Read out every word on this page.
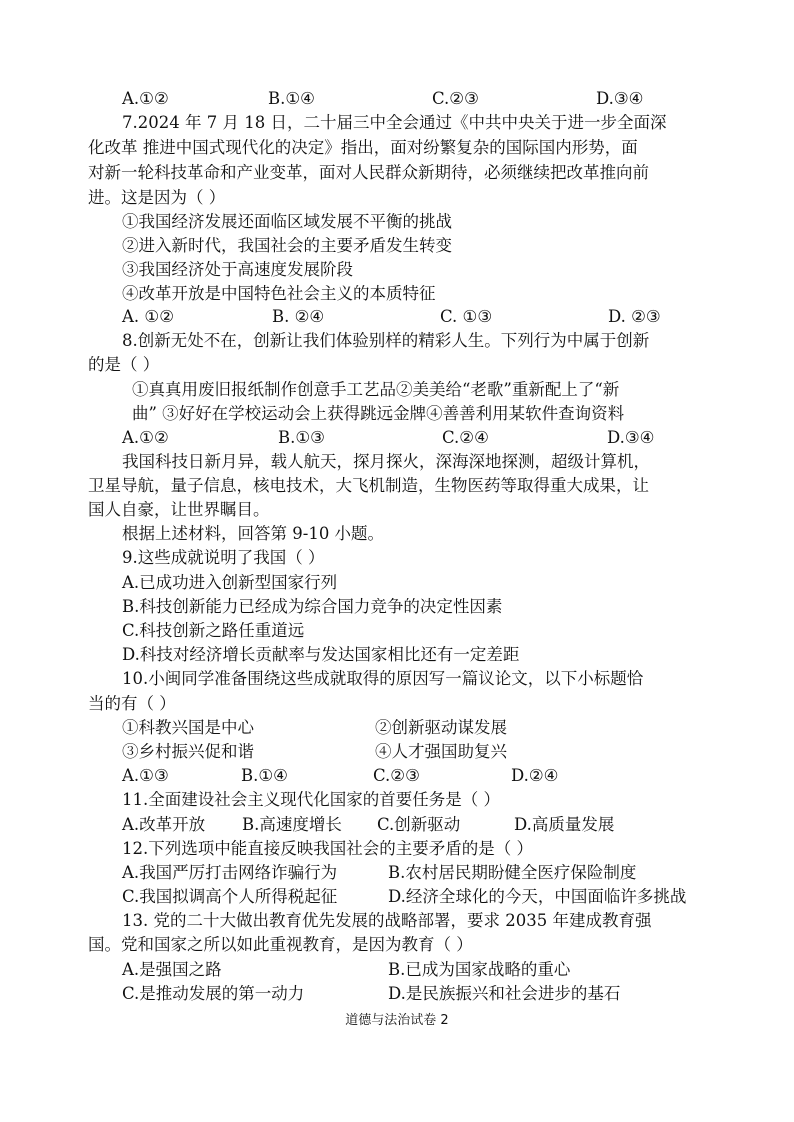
A.①②	B.①④	C.②③	D.③④
7.2024 年 7 月 18 日，二十届三中全会通过《中共中央关于进一步全面深
化改革 推进中国式现代化的决定》指出，面对纷繁复杂的国际国内形势，面
对新一轮科技革命和产业变革，面对人民群众新期待，必须继续把改革推向前
进。这是因为（ ）
①我国经济发展还面临区域发展不平衡的挑战
②进入新时代，我国社会的主要矛盾发生转变
③我国经济处于高速度发展阶段
④改革开放是中国特色社会主义的本质特征
A. ①②	B. ②④	C. ①③	D. ②③
8.创新无处不在，创新让我们体验别样的精彩人生。下列行为中属于创新
的是（ ）
①真真用废旧报纸制作创意手工艺品②美美给“老歌”重新配上了“新
曲” ③好好在学校运动会上获得跳远金牌④善善利用某软件查询资料
A.①②	B.①③	C.②④	D.③④
我国科技日新月异，载人航天，探月探火，深海深地探测，超级计算机，
卫星导航，量子信息，核电技术，大飞机制造，生物医药等取得重大成果，让
国人自豪，让世界瞩目。
根据上述材料，回答第 9-10 小题。
9.这些成就说明了我国（ ）
A.已成功进入创新型国家行列
B.科技创新能力已经成为综合国力竞争的决定性因素
C.科技创新之路任重道远
D.科技对经济增长贡献率与发达国家相比还有一定差距
10.小闽同学准备围绕这些成就取得的原因写一篇议论文，以下小标题恰
当的有（ ）
①科教兴国是中心	②创新驱动谋发展
③乡村振兴促和谐	④人才强国助复兴
A.①③	B.①④	C.②③	D.②④
11.全面建设社会主义现代化国家的首要任务是（ ）
A.改革开放 B.高速度增长 C.创新驱动	D.高质量发展
12.下列选项中能直接反映我国社会的主要矛盾的是（ ）
A.我国严厉打击网络诈骗行为	B.农村居民期盼健全医疗保险制度
C.我国拟调高个人所得税起征	D.经济全球化的今天，中国面临许多挑战
13. 党的二十大做出教育优先发展的战略部署，要求 2035 年建成教育强
国。党和国家之所以如此重视教育，是因为教育（ ）
A.是强国之路	B.已成为国家战略的重心
C.是推动发展的第一动力	D.是民族振兴和社会进步的基石
道德与法治试卷 2
